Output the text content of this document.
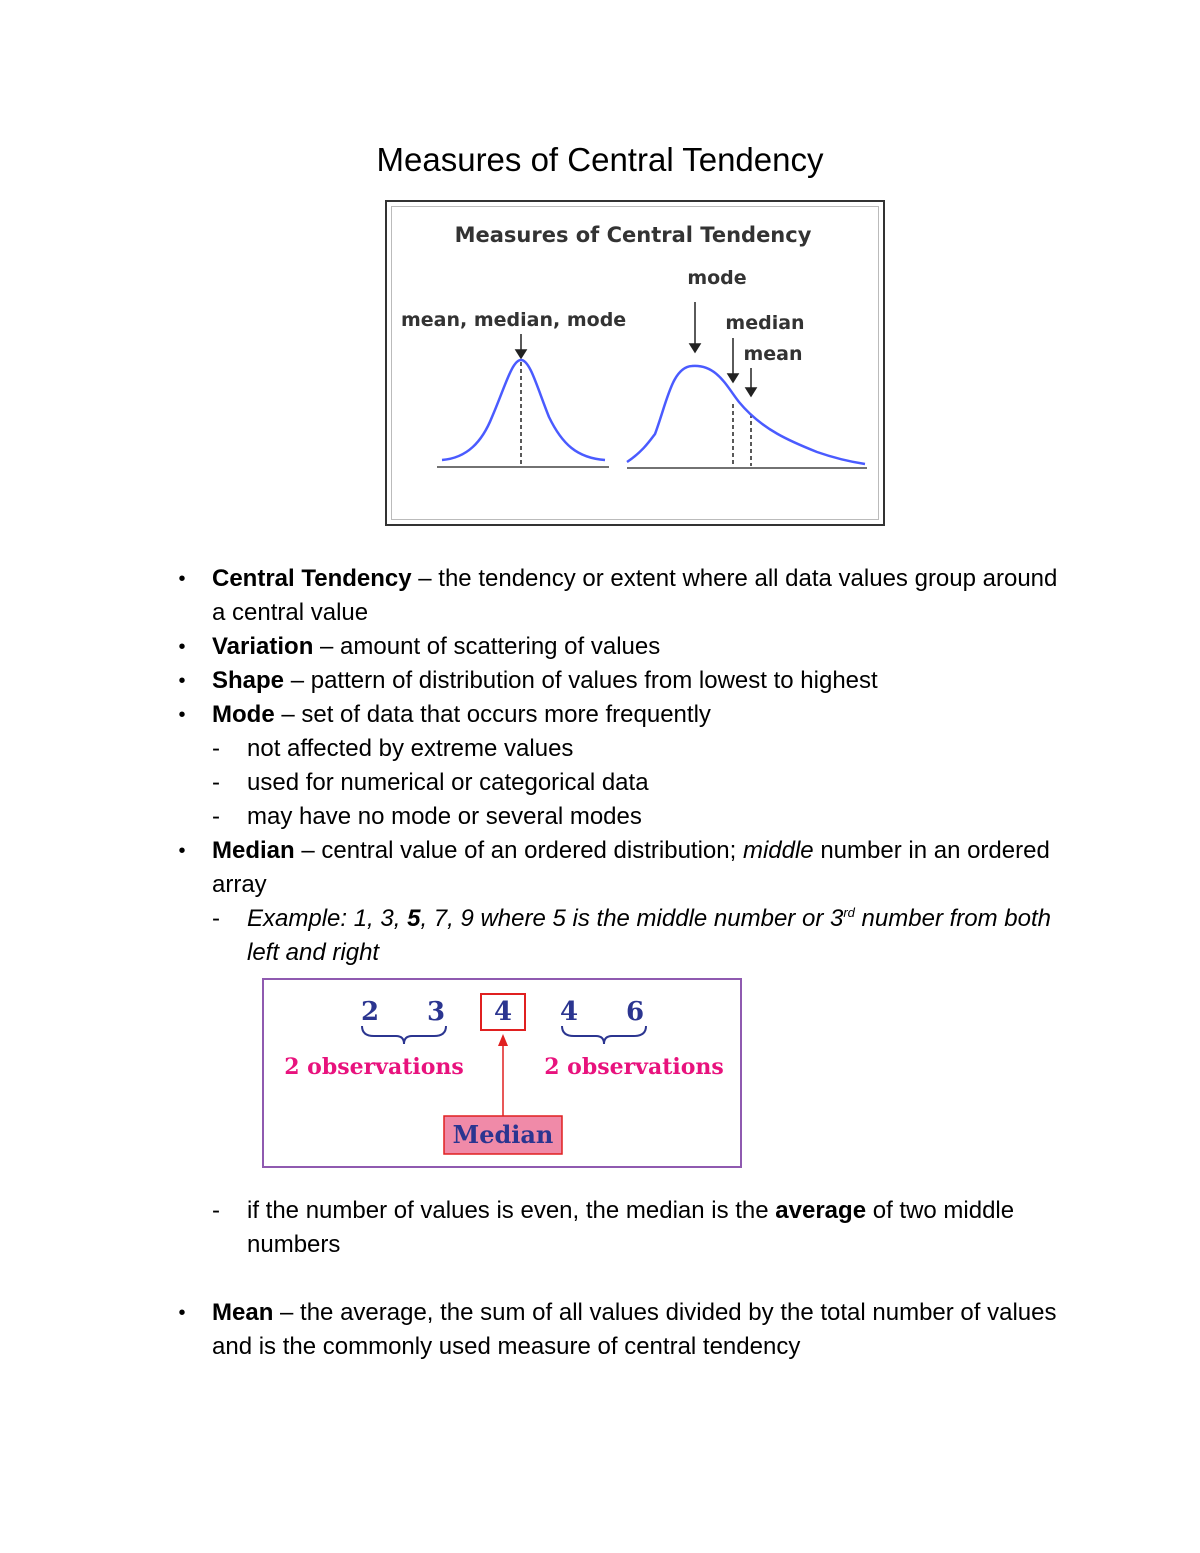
Measures of Central Tendency
Measures of Central Tendency
mean, median, mode
mode
median
mean
• Central Tendency – the tendency or extent where all data values group around a central value
• Variation – amount of scattering of values
• Shape – pattern of distribution of values from lowest to highest
• Mode – set of data that occurs more frequently
- not affected by extreme values
- used for numerical or categorical data
- may have no mode or several modes
• Median – central value of an ordered distribution; middle number in an ordered array
- Example: 1, 3, 5, 7, 9 where 5 is the middle number or 3rd number from both left and right
2 3 4 4 6
2 observations	2 observations
Median
- if the number of values is even, the median is the average of two middle numbers
• Mean – the average, the sum of all values divided by the total number of values and is the commonly used measure of central tendency
